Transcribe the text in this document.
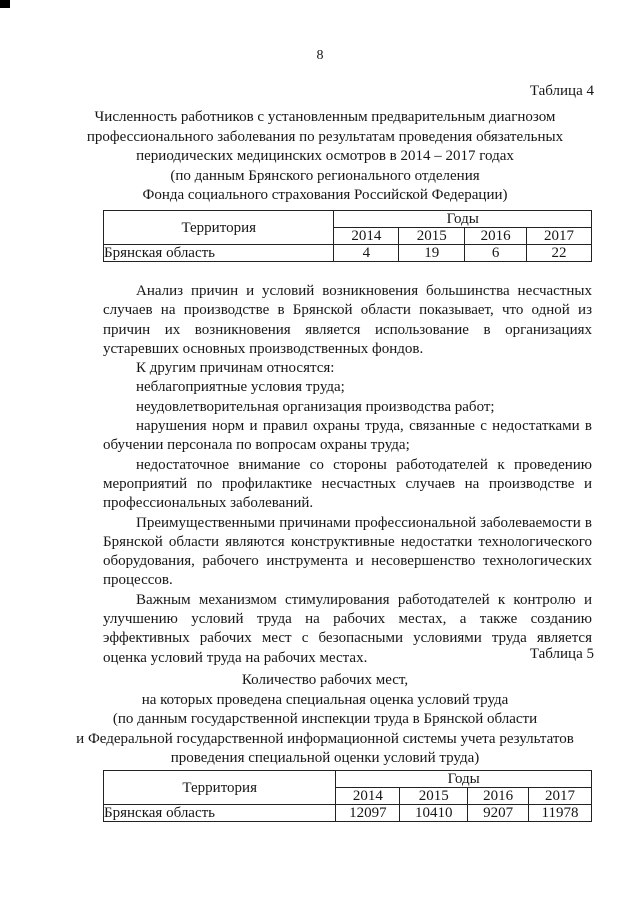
8
Таблица 4
Численность работников с установленным предварительным диагнозом
профессионального заболевания по результатам проведения обязательных
периодических медицинских осмотров в 2014 – 2017 годах
(по данным Брянского регионального отделения
Фонда социального страхования Российской Федерации)
Территория	Годы			
	2014	2015	2016	2017
Брянская область	4	19	6	22

Анализ причин и условий возникновения большинства несчастных случаев на производстве в Брянской области показывает, что одной из причин их возникновения является использование в организациях устаревших основных производственных фондов.

К другим причинам относятся:

неблагоприятные условия труда;

неудовлетворительная организация производства работ;

нарушения норм и правил охраны труда, связанные с недостатками в обучении персонала по вопросам охраны труда;

недостаточное внимание со стороны работодателей к проведению мероприятий по профилактике несчастных случаев на производстве и профессиональных заболеваний.

Преимущественными причинами профессиональной заболеваемости в Брянской области являются конструктивные недостатки технологического оборудования, рабочего инструмента и несовершенство технологических процессов.

Важным механизмом стимулирования работодателей к контролю и улучшению условий труда на рабочих местах, а также созданию эффективных рабочих мест с безопасными условиями труда является оценка условий труда на рабочих местах.	Таблица 5
Количество рабочих мест,
на которых проведена специальная оценка условий труда
(по данным государственной инспекции труда в Брянской области
и Федеральной государственной информационной системы учета результатов
проведения специальной оценки условий труда)
Территория	Годы			
	2014	2015	2016	2017
Брянская область	12097	10410	9207	11978
